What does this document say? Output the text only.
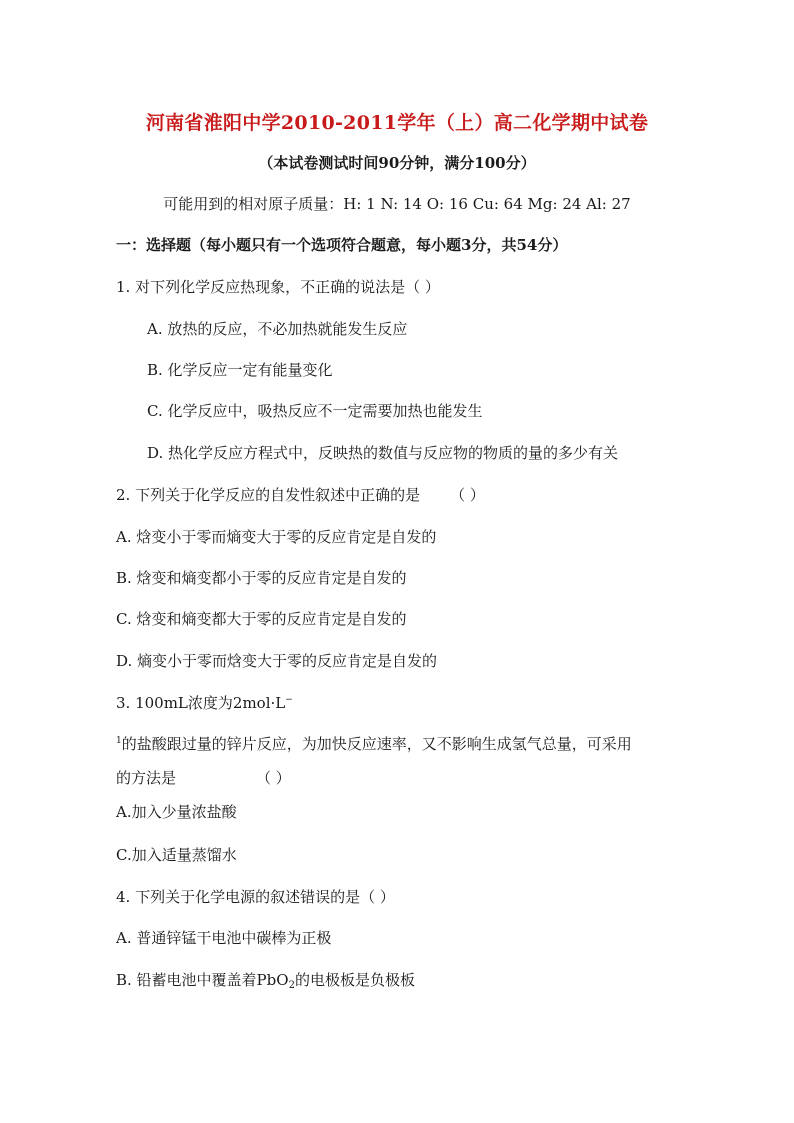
河南省淮阳中学2010-2011学年（上）高二化学期中试卷
（本试卷测试时间90分钟，满分100分）
可能用到的相对原子质量：H: 1 N: 14 O: 16 Cu: 64 Mg: 24 Al: 27
一：选择题（每小题只有一个选项符合题意，每小题3分，共54分）
1. 对下列化学反应热现象，不正确的说法是（ ）
A. 放热的反应，不必加热就能发生反应
B. 化学反应一定有能量变化
C. 化学反应中，吸热反应不一定需要加热也能发生
D. 热化学反应方程式中，反映热的数值与反应物的物质的量的多少有关
2. 下列关于化学反应的自发性叙述中正确的是 （ ）
A. 焓变小于零而熵变大于零的反应肯定是自发的
B. 焓变和熵变都小于零的反应肯定是自发的
C. 焓变和熵变都大于零的反应肯定是自发的
D. 熵变小于零而焓变大于零的反应肯定是自发的
3. 100mL浓度为2mol·L−
$^1$的盐酸跟过量的锌片反应，为加快反应速率，又不影响生成氢气总量，可采用
的方法是	（ ）
A.加入少量浓盐酸
C.加入适量蒸馏水
4. 下列关于化学电源的叙述错误的是（ ）
A. 普通锌锰干电池中碳棒为正极
B. 铅蓄电池中覆盖着PbO$_2$的电极板是负极板
